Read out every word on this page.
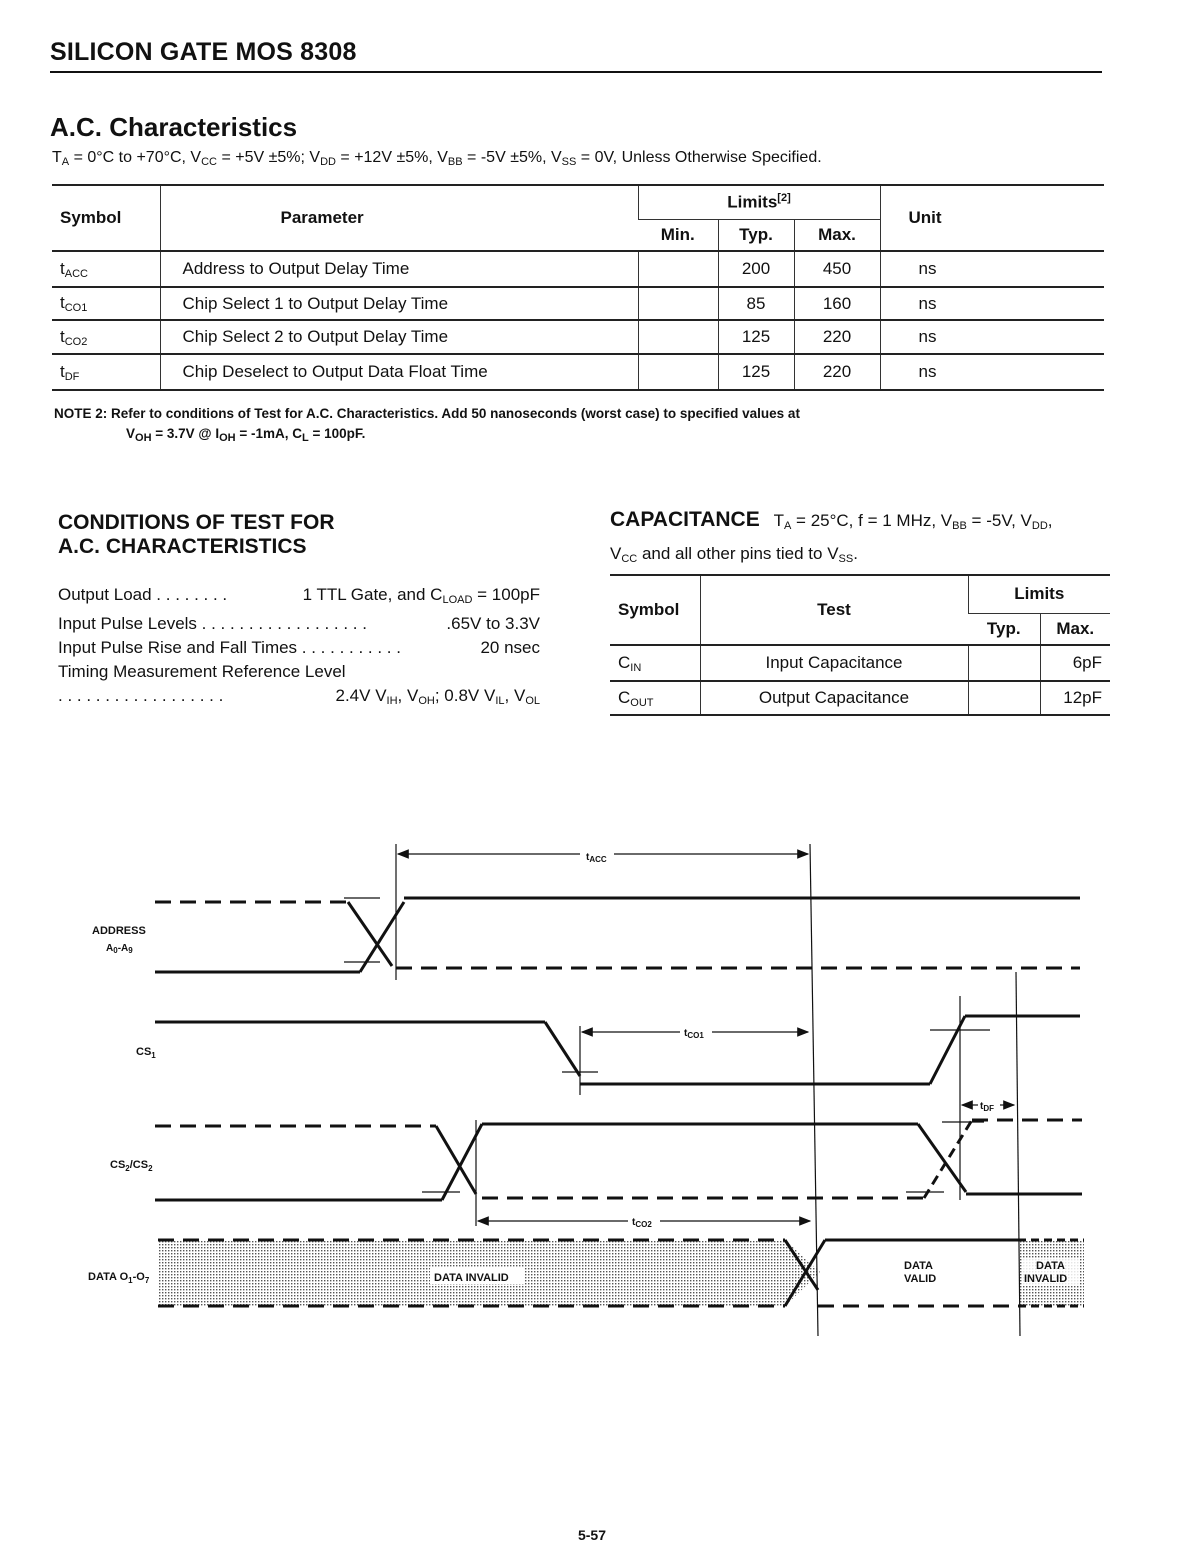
SILICON GATE MOS 8308
A.C. Characteristics
$T_A = 0^\circ C$ to +70°C, $V_{CC} = +5V \pm 5\%$; $V_{DD} = +12V \pm 5\%$, $V_{BB} = -5V \pm 5\%$, $V_{SS} = 0V$, Unless Otherwise Specified.
Symbol	Parameter	Limits[2]			Unit
		Min.	Typ.	Max.	
$t_{ACC}$	Address to Output Delay Time		200	450	ns
$t_{CO1}$	Chip Select 1 to Output Delay Time		85	160	ns
$t_{CO2}$	Chip Select 2 to Output Delay Time		125	220	ns
$t_{DF}$	Chip Deselect to Output Data Float Time		125	220	ns
NOTE 2: Refer to conditions of Test for A.C. Characteristics. Add 50 nanoseconds (worst case) to specified values at
$V_{OH} = 3.7V$ @ $I_{OH} = -1mA$, $C_L = 100pF$.
CONDITIONS OF TEST FOR
A.C. CHARACTERISTICS
Output Load . . . . . . . .	1 TTL Gate, and $C_{LOAD} = 100pF$
Input Pulse Levels . . . . . . . . . . . . . . . . . .	.65V to 3.3V
Input Pulse Rise and Fall Times . . . . . . . . . . .	20 nsec
Timing Measurement Reference Level
. . . . . . . . . . . . . . . . . .	2.4V $V_{IH}$, $V_{OH}$; 0.8V $V_{IL}$, $V_{OL}$
CAPACITANCE $T_A = 25^\circ C$, f = 1 MHz, $V_{BB} = -5V$, $V_{DD}$,
$V_{CC}$ and all other pins tied to $V_{SS}$.
Symbol	Test	Limits	
		Typ.	Max.
$C_{IN}$	Input Capacitance		6pF
$C_{OUT}$	Output Capacitance		12pF
ADDRESS
$A_0-A_9$
$CS_1$
$CS_2/CS_2$
DATA $O_1-O_7$
$t_{ACC}$
$t_{CO1}$
$t_{CO2}$
$t_{DF}$
DATA INVALID
DATA
VALID
DATA
INVALID
5-57
